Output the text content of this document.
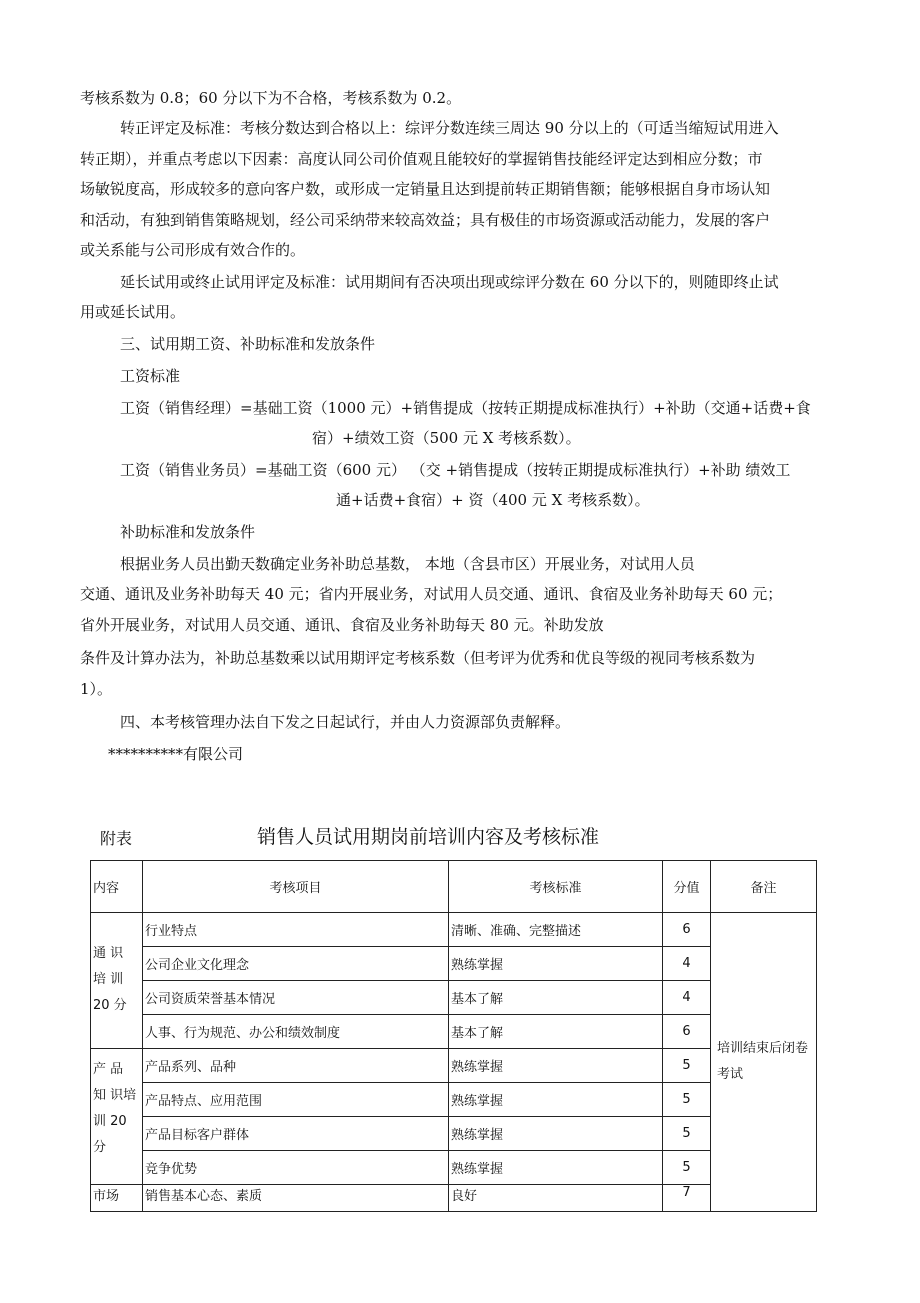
考核系数为 0.8；60 分以下为不合格，考核系数为 0.2。
转正评定及标准：考核分数达到合格以上：综评分数连续三周达 90 分以上的（可适当缩短试用进入
转正期），并重点考虑以下因素：高度认同公司价值观且能较好的掌握销售技能经评定达到相应分数；市
场敏锐度高，形成较多的意向客户数，或形成一定销量且达到提前转正期销售额；能够根据自身市场认知
和活动，有独到销售策略规划，经公司采纳带来较高效益；具有极佳的市场资源或活动能力，发展的客户
或关系能与公司形成有效合作的。
延长试用或终止试用评定及标准：试用期间有否决项出现或综评分数在 60 分以下的，则随即终止试
用或延长试用。
三、试用期工资、补助标准和发放条件
工资标准
工资（销售经理）=基础工资（1000 元）+销售提成（按转正期提成标准执行）+补助（交通+话费+食
宿）+绩效工资（500 元 X 考核系数）。
工资（销售业务员）=基础工资（600 元） （交 +销售提成（按转正期提成标准执行）+补助 绩效工
通+话费+食宿）+ 资（400 元 X 考核系数）。
补助标准和发放条件
根据业务人员出勤天数确定业务补助总基数， 本地（含县市区）开展业务，对试用人员
交通、通讯及业务补助每天 40 元；省内开展业务，对试用人员交通、通讯、食宿及业务补助每天 60 元；
省外开展业务，对试用人员交通、通讯、食宿及业务补助每天 80 元。补助发放
条件及计算办法为，补助总基数乘以试用期评定考核系数（但考评为优秀和优良等级的视同考核系数为
1）。
四、本考核管理办法自下发之日起试行，并由人力资源部负责解释。
**********有限公司
附表	销售人员试用期岗前培训内容及考核标准
内容	考核项目	考核标准	分值	备注
通 识 培 训 20 分	行业特点	清晰、准确、完整描述	6	培训结束后闭卷考试
	公司企业文化理念	熟练掌握	4	
	公司资质荣誉基本情况	基本了解	4	
	人事、行为规范、办公和绩效制度	基本了解	6	
产 品 知 识培训 20 分	产品系列、品种	熟练掌握	5	
	产品特点、应用范围	熟练掌握	5	
	产品目标客户群体	熟练掌握	5	
	竞争优势	熟练掌握	5	
市场	销售基本心态、素质	良好	7	
